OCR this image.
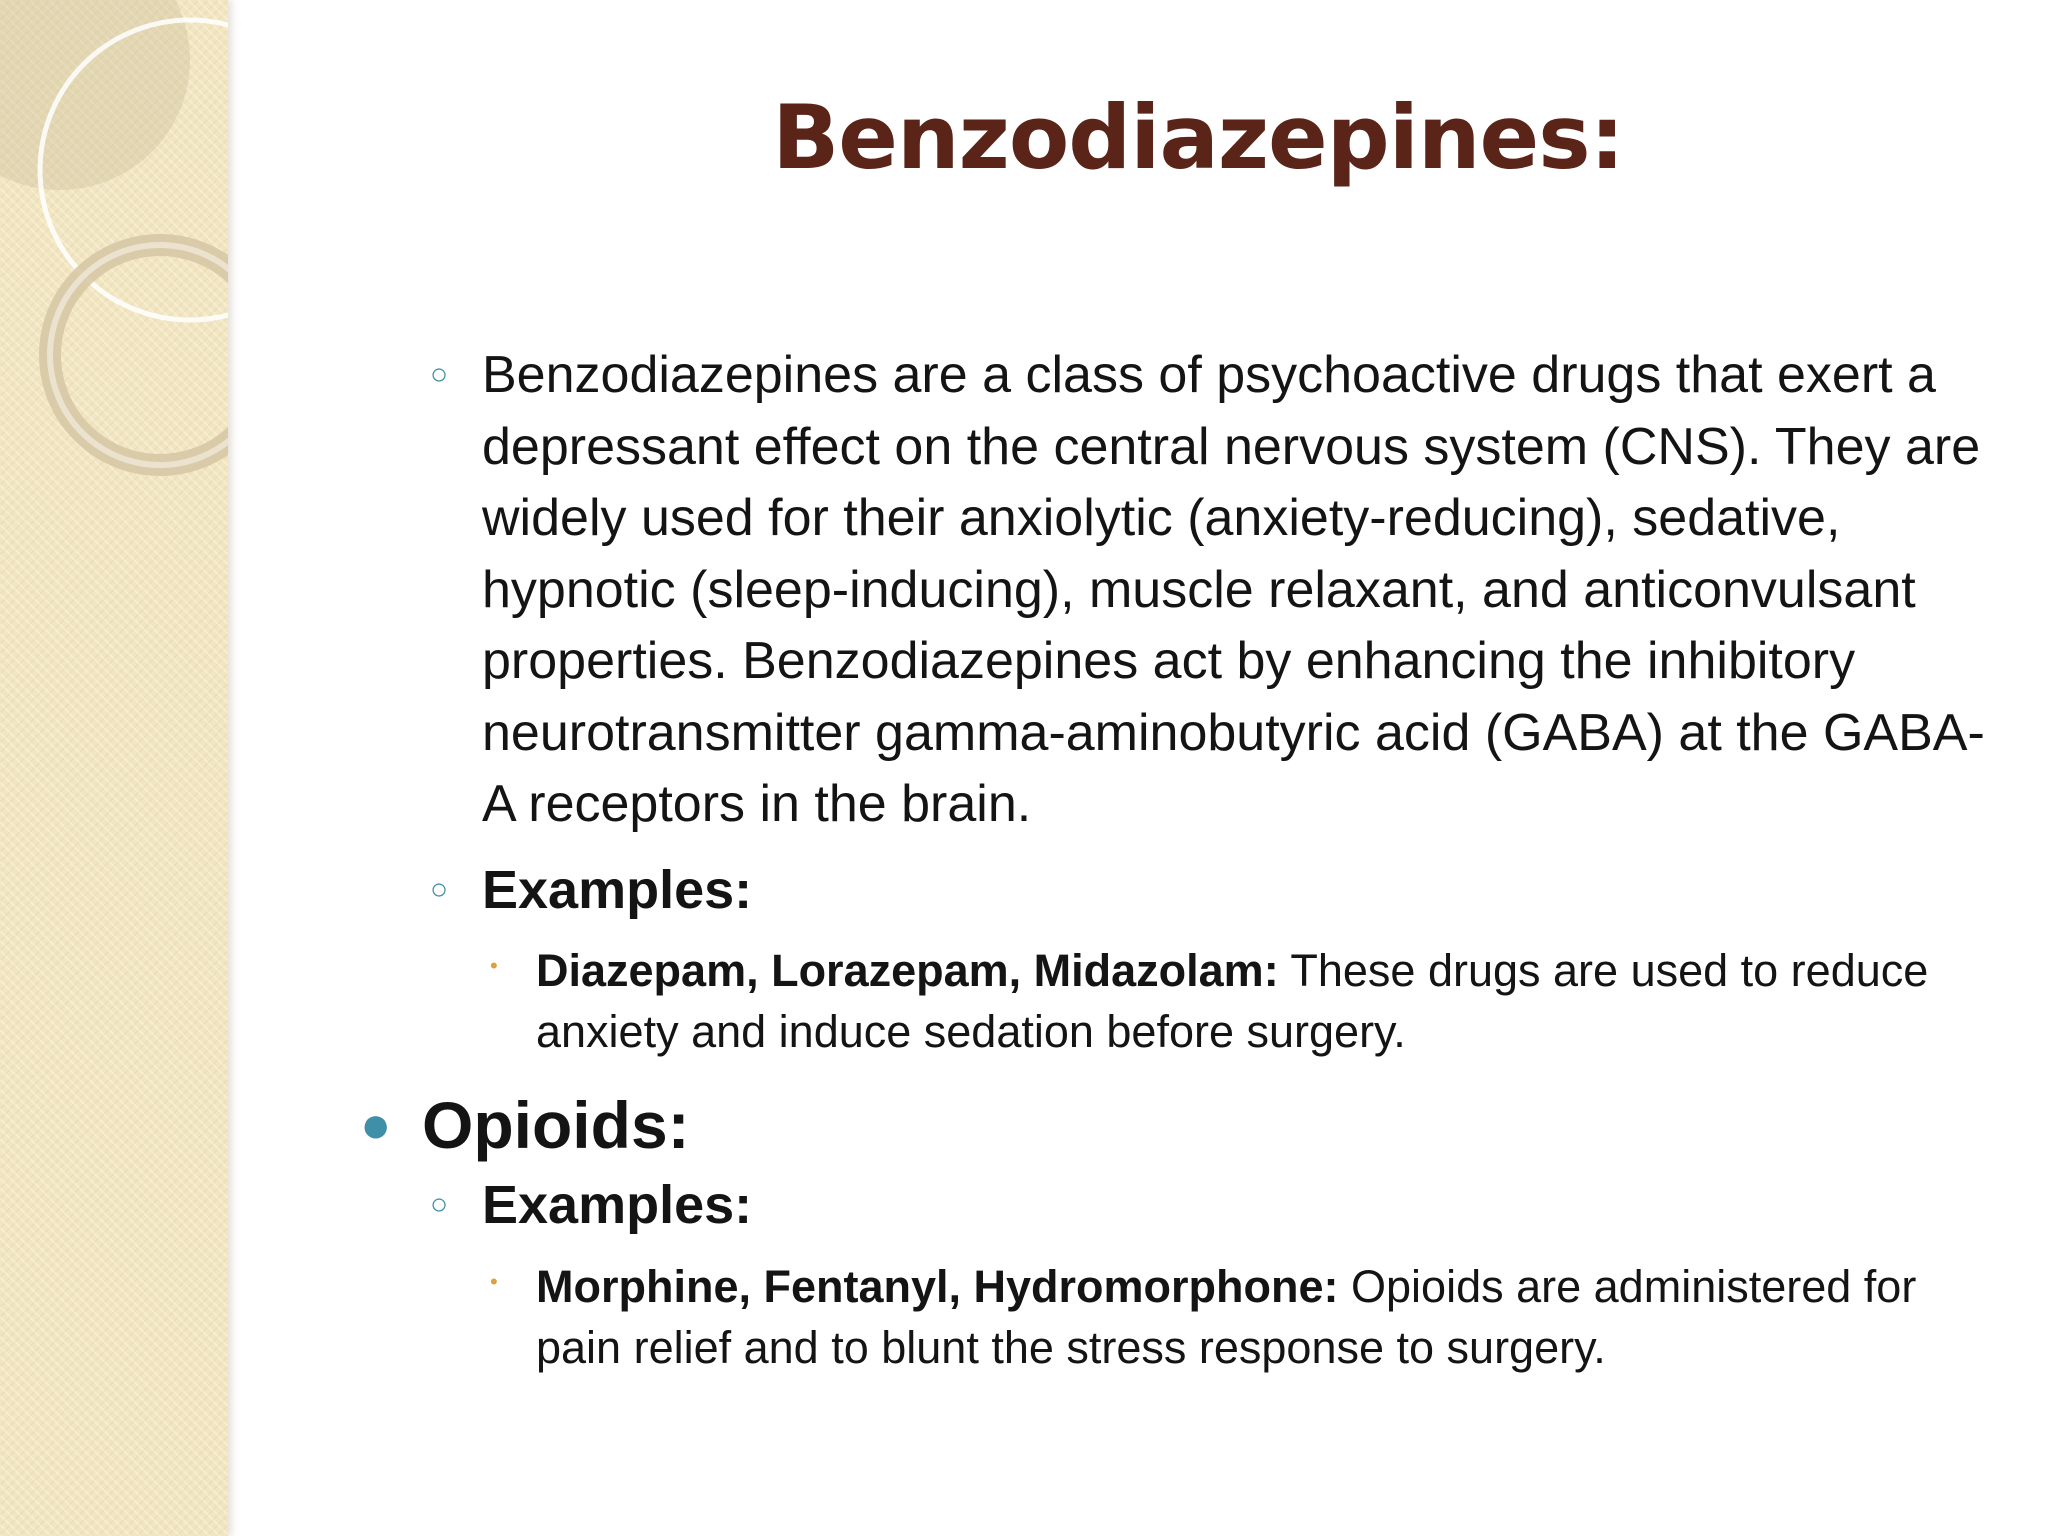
Benzodiazepines:
○ Benzodiazepines are a class of psychoactive drugs that exert a depressant effect on the central nervous system (CNS). They are widely used for their anxiolytic (anxiety-reducing), sedative, hypnotic (sleep-inducing), muscle relaxant, and anticonvulsant properties. Benzodiazepines act by enhancing the inhibitory neurotransmitter gamma-aminobutyric acid (GABA) at the GABA-A receptors in the brain.
○ Examples:
• Diazepam, Lorazepam, Midazolam: These drugs are used to reduce anxiety and induce sedation before surgery.
● Opioids:
○ Examples:
• Morphine, Fentanyl, Hydromorphone: Opioids are administered for pain relief and to blunt the stress response to surgery.
